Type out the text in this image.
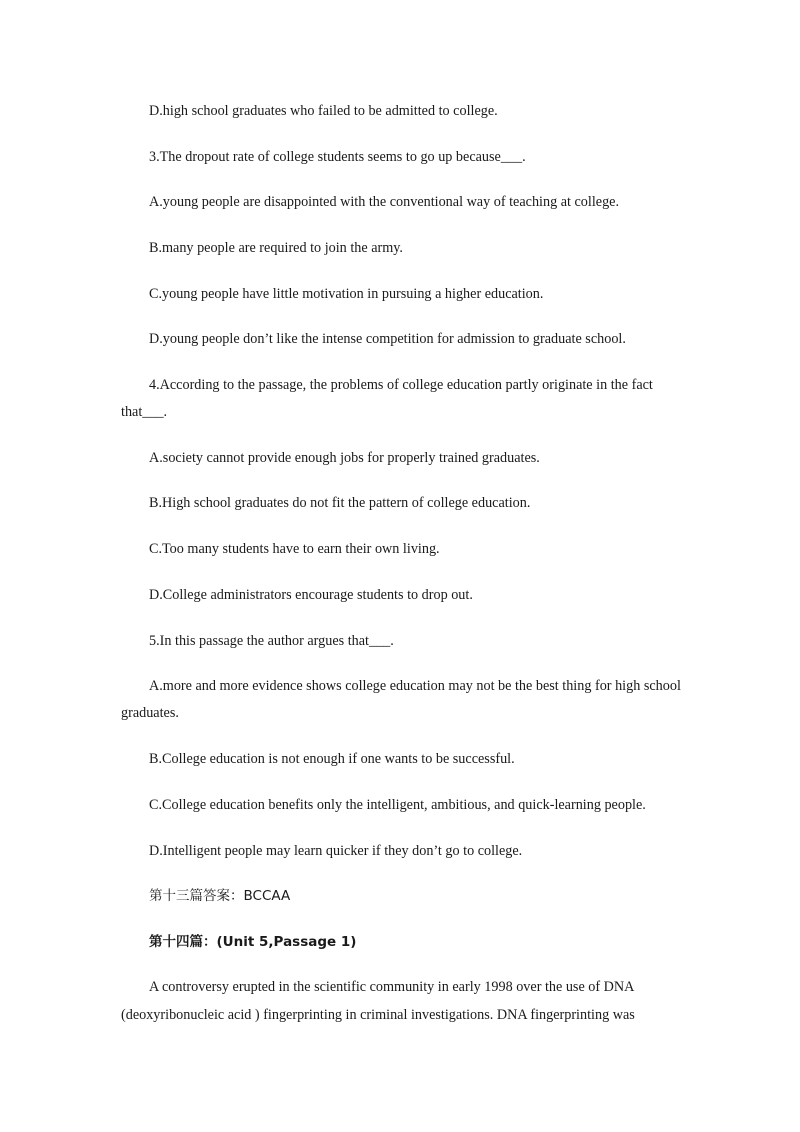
D.high school graduates who failed to be admitted to college.
3.The dropout rate of college students seems to go up because___.
A.young people are disappointed with the conventional way of teaching at college.
B.many people are required to join the army.
C.young people have little motivation in pursuing a higher education.
D.young people don’t like the intense competition for admission to graduate school.
4.According to the passage, the problems of college education partly originate in the fact
that___.
A.society cannot provide enough jobs for properly trained graduates.
B.High school graduates do not fit the pattern of college education.
C.Too many students have to earn their own living.
D.College administrators encourage students to drop out.
5.In this passage the author argues that___.
A.more and more evidence shows college education may not be the best thing for high school
graduates.
B.College education is not enough if one wants to be successful.
C.College education benefits only the intelligent, ambitious, and quick-learning people.
D.Intelligent people may learn quicker if they don’t go to college.
第十三篇答案：BCCAA
第十四篇：(Unit 5,Passage 1)
A controversy erupted in the scientific community in early 1998 over the use of DNA
(deoxyribonucleic acid ) fingerprinting in criminal investigations. DNA fingerprinting was
